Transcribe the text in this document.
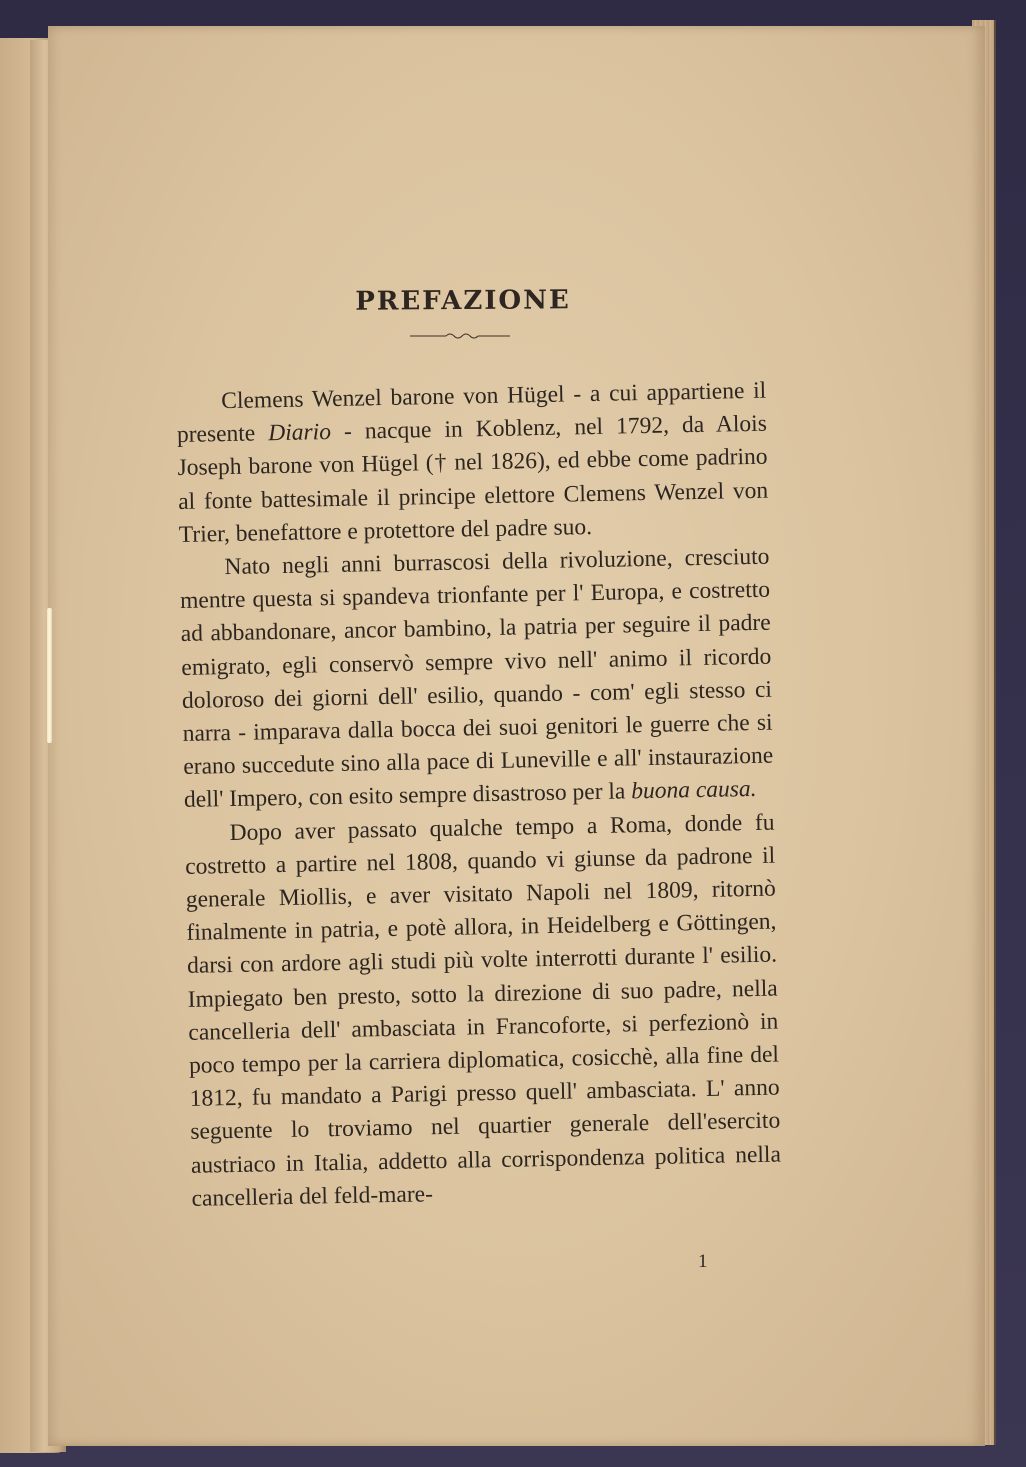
PREFAZIONE

Clemens Wenzel barone von Hügel - a cui appartiene il presente Diario - nacque in Koblenz, nel 1792, da Alois Joseph barone von Hügel († nel 1826), ed ebbe come padrino al fonte battesimale il principe elettore Clemens Wenzel von Trier, benefattore e protettore del padre suo.

Nato negli anni burrascosi della rivoluzione, cresciuto mentre questa si spandeva trionfante per l' Europa, e costretto ad abbandonare, ancor bambino, la patria per seguire il padre emigrato, egli conservò sempre vivo nell' animo il ricordo doloroso dei giorni dell' esilio, quando - com' egli stesso ci narra - imparava dalla bocca dei suoi genitori le guerre che si erano succedute sino alla pace di Luneville e all' instaurazione dell' Impero, con esito sempre disastroso per la buona causa.

Dopo aver passato qualche tempo a Roma, donde fu costretto a partire nel 1808, quando vi giunse da padrone il generale Miollis, e aver visitato Napoli nel 1809, ritornò finalmente in patria, e potè allora, in Heidelberg e Göttingen, darsi con ardore agli studi più volte interrotti durante l' esilio. Impiegato ben presto, sotto la direzione di suo padre, nella cancelleria dell' ambasciata in Francoforte, si perfezionò in poco tempo per la carriera diplomatica, cosicchè, alla fine del 1812, fu mandato a Parigi presso quell' ambasciata. L' anno seguente lo troviamo nel quartier generale dell'esercito austriaco in Italia, addetto alla corrispondenza politica nella cancelleria del feld-mare-

1
